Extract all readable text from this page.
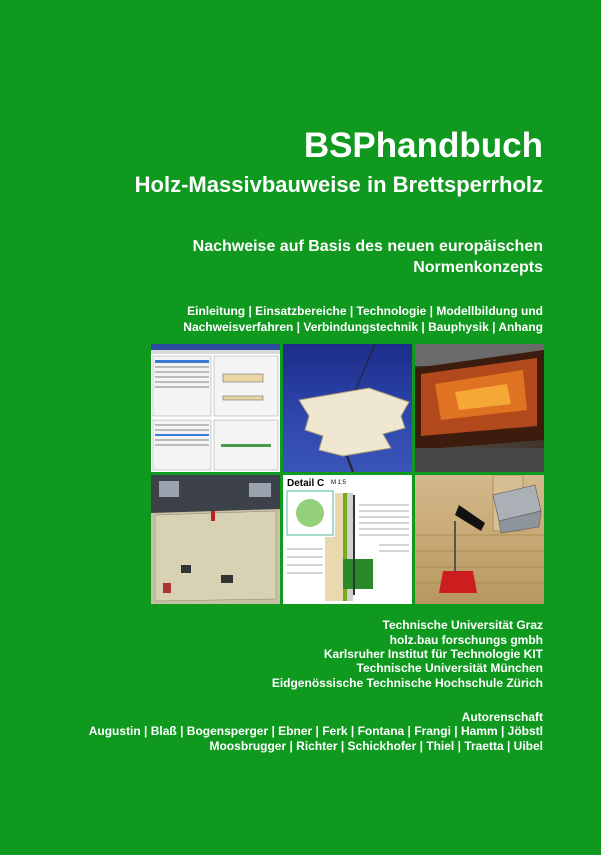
BSPhandbuch
Holz-Massivbauweise in Brettsperrholz
Nachweise auf Basis des neuen europäischen
Normenkonzepts
Einleitung | Einsatzbereiche | Technologie | Modellbildung und
Nachweisverfahren | Verbindungstechnik | Bauphysik | Anhang
Detail C M 1:5
Technische Universität Graz
holz.bau forschungs gmbh
Karlsruher Institut für Technologie KIT
Technische Universität München
Eidgenössische Technische Hochschule Zürich
Autorenschaft
Augustin | Blaß | Bogensperger | Ebner | Ferk | Fontana | Frangi | Hamm | Jöbstl
Moosbrugger | Richter | Schickhofer | Thiel | Traetta | Uibel
